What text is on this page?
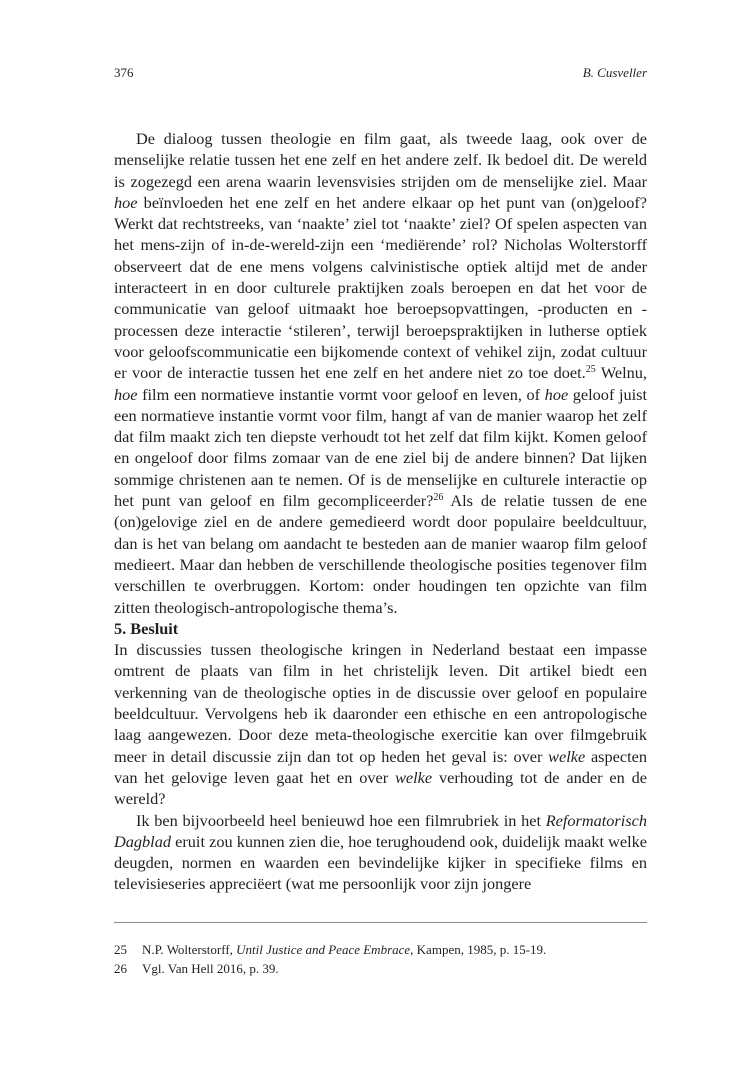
376	B. Cusveller

De dialoog tussen theologie en film gaat, als tweede laag, ook over de menselijke relatie tussen het ene zelf en het andere zelf. Ik bedoel dit. De wereld is zogezegd een arena waarin levensvisies strijden om de menselijke ziel. Maar hoe beïnvloeden het ene zelf en het andere elkaar op het punt van (on)geloof? Werkt dat rechtstreeks, van ‘naakte’ ziel tot ‘naakte’ ziel? Of spelen aspecten van het mens-zijn of in-de-wereld-zijn een ‘mediërende’ rol? Nicholas Wolterstorff observeert dat de ene mens volgens calvinistische optiek altijd met de ander interacteert in en door culturele praktijken zoals beroepen en dat het voor de communicatie van geloof uitmaakt hoe beroepsopvattingen, -producten en -processen deze interactie ‘stileren’, terwijl beroepspraktijken in lutherse optiek voor geloofscommunicatie een bijkomende context of vehikel zijn, zodat cultuur er voor de interactie tussen het ene zelf en het andere niet zo toe doet.$^{25}$ Welnu, hoe film een normatieve instantie vormt voor geloof en leven, of hoe geloof juist een normatieve instantie vormt voor film, hangt af van de manier waarop het zelf dat film maakt zich ten diepste verhoudt tot het zelf dat film kijkt. Komen geloof en ongeloof door films zomaar van de ene ziel bij de andere binnen? Dat lijken sommige christenen aan te nemen. Of is de menselijke en culturele interactie op het punt van geloof en film gecompliceerder?$^{26}$ Als de relatie tussen de ene (on)gelovige ziel en de andere gemedieerd wordt door populaire beeldcultuur, dan is het van belang om aandacht te besteden aan de manier waarop film geloof medieert. Maar dan hebben de verschillende theologische posities tegenover film verschillen te overbruggen. Kortom: onder houdingen ten opzichte van film zitten theologisch-antropologische thema’s.

5. Besluit

In discussies tussen theologische kringen in Nederland bestaat een impasse omtrent de plaats van film in het christelijk leven. Dit artikel biedt een verkenning van de theologische opties in de discussie over geloof en populaire beeldcultuur. Vervolgens heb ik daaronder een ethische en een antropologische laag aangewezen. Door deze meta-theologische exercitie kan over filmgebruik meer in detail discussie zijn dan tot op heden het geval is: over welke aspecten van het gelovige leven gaat het en over welke verhouding tot de ander en de wereld?

Ik ben bijvoorbeeld heel benieuwd hoe een filmrubriek in het Reformatorisch Dagblad eruit zou kunnen zien die, hoe terughoudend ook, duidelijk maakt welke deugden, normen en waarden een bevindelijke kijker in specifieke films en televisieseries appreciëert (wat me persoonlijk voor zijn jongere

25 N.P. Wolterstorff, Until Justice and Peace Embrace, Kampen, 1985, p. 15-19.
26 Vgl. Van Hell 2016, p. 39.
